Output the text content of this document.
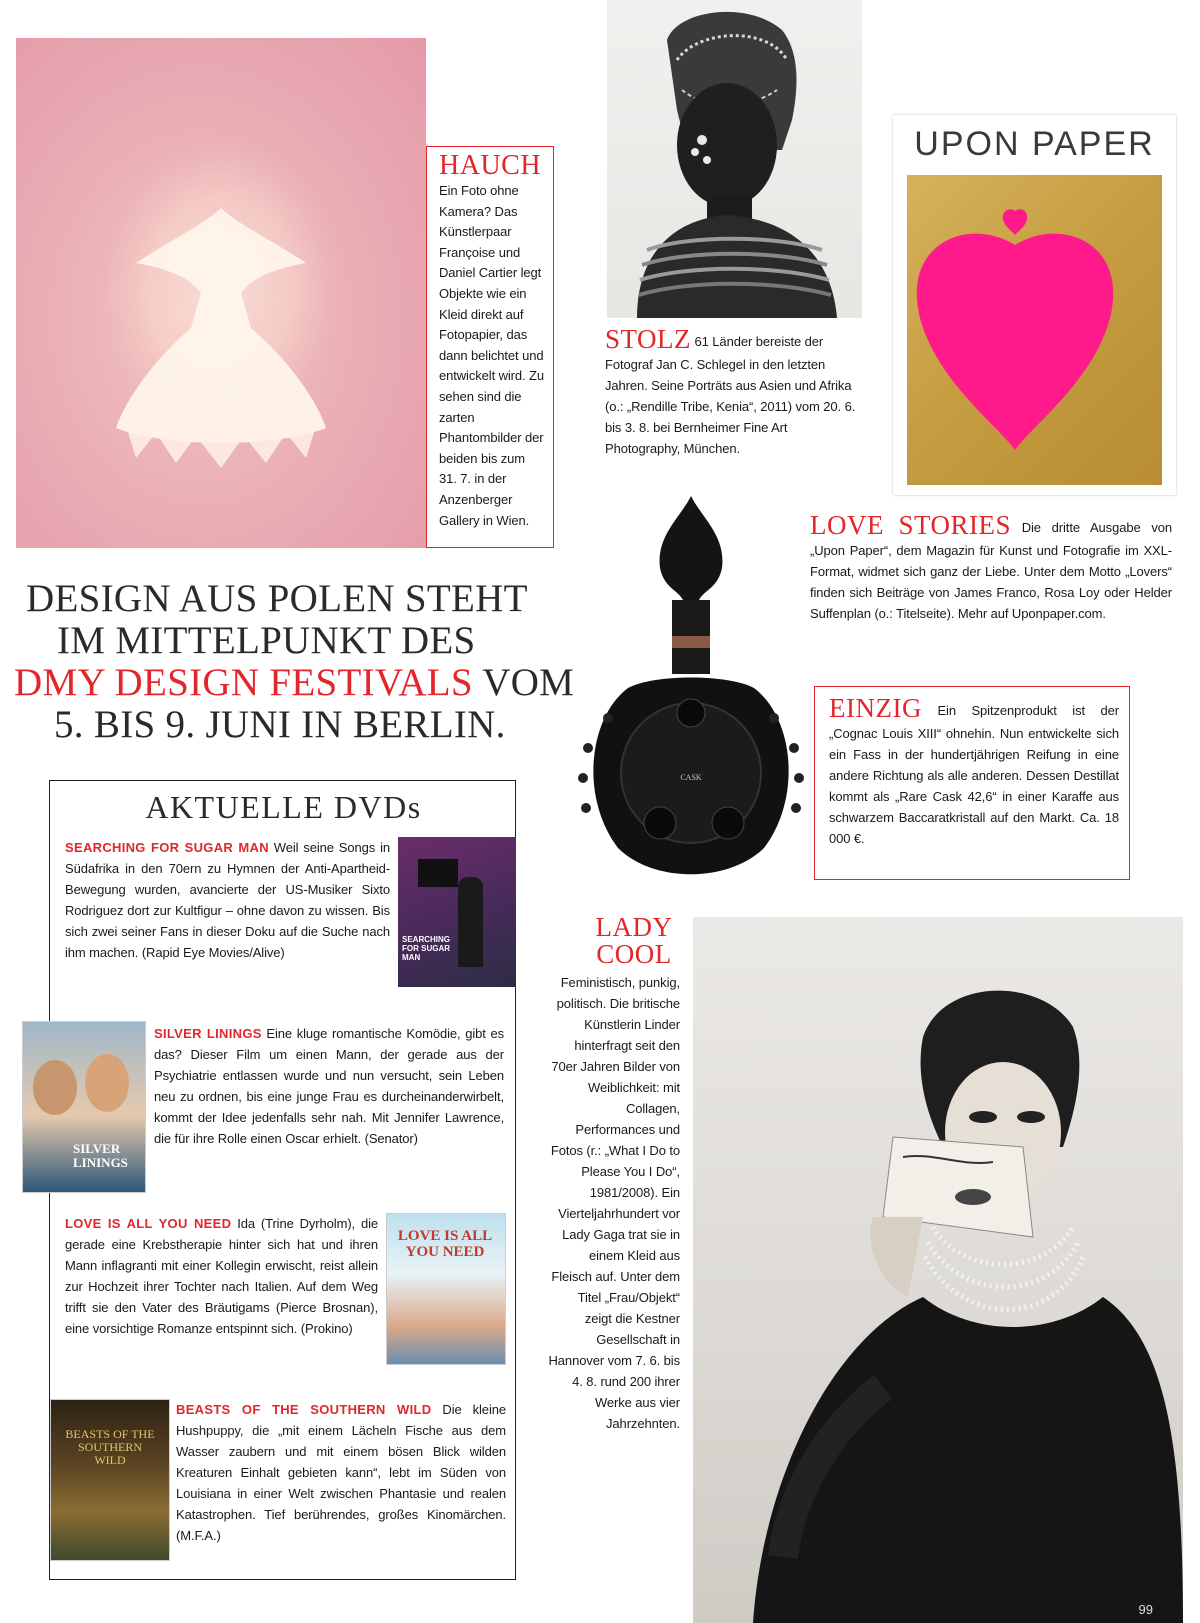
HAUCH
Ein Foto ohne Kamera? Das Künstlerpaar Françoise und Daniel Cartier legt Objekte wie ein Kleid direkt auf Fotopapier, das dann belichtet und entwickelt wird. Zu sehen sind die zarten Phantombilder der beiden bis zum 31. 7. in der Anzenberger Gallery in Wien.
STOLZ 61 Länder bereiste der Fotograf Jan C. Schlegel in den letzten Jahren. Seine Porträts aus Asien und Afrika (o.: „Rendille Tribe, Kenia“, 2011) vom 20. 6. bis 3. 8. bei Bernheimer Fine Art Photography, München.
UPON PAPER
LOVE STORIES Die dritte Ausgabe von „Upon Paper“, dem Magazin für Kunst und Fotografie im XXL-Format, widmet sich ganz der Liebe. Unter dem Motto „Lovers“ finden sich Beiträge von James Franco, Rosa Loy oder Helder Suffenplan (o.: Titelseite). Mehr auf Uponpaper.com.
DESIGN AUS POLEN STEHT
IM MITTELPUNKT DES
DMY DESIGN FESTIVALS VOM
5. BIS 9. JUNI IN BERLIN.
CASK
EINZIG Ein Spitzenprodukt ist der „Cognac Louis XIII“ ohnehin. Nun entwickelte sich ein Fass in der hundertjährigen Reifung in eine andere Richtung als alle anderen. Dessen Destillat kommt als „Rare Cask 42,6“ in einer Karaffe aus schwarzem Baccaratkristall auf den Markt. Ca. 18 000 €.
AKTUELLE DVDs
SEARCHING FOR SUGAR MAN Weil seine Songs in Südafrika in den 70ern zu Hymnen der Anti-Apartheid-Bewegung wurden, avancierte der US-Musiker Sixto Rodriguez dort zur Kultfigur – ohne davon zu wissen. Bis sich zwei seiner Fans in dieser Doku auf die Suche nach ihm machen. (Rapid Eye Movies/Alive)
SEARCHING FOR SUGAR MAN
SILVER LININGS
SILVER LININGS Eine kluge romantische Komödie, gibt es das? Dieser Film um einen Mann, der gerade aus der Psychiatrie entlassen wurde und nun versucht, sein Leben neu zu ordnen, bis eine junge Frau es durcheinanderwirbelt, kommt der Idee jedenfalls sehr nah. Mit Jennifer Lawrence, die für ihre Rolle einen Oscar erhielt. (Senator)
LOVE IS ALL YOU NEED Ida (Trine Dyrholm), die gerade eine Krebstherapie hinter sich hat und ihren Mann inflagranti mit einer Kollegin erwischt, reist allein zur Hochzeit ihrer Tochter nach Italien. Auf dem Weg trifft sie den Vater des Bräutigams (Pierce Brosnan), eine vorsichtige Romanze entspinnt sich. (Prokino)
LOVE IS ALL YOU NEED
BEASTS OF THE SOUTHERN WILD
BEASTS OF THE SOUTHERN WILD Die kleine Hushpuppy, die „mit einem Lächeln Fische aus dem Wasser zaubern und mit einem bösen Blick wilden Kreaturen Einhalt gebieten kann“, lebt im Süden von Louisiana in einer Welt zwischen Phantasie und realen Katastrophen. Tief berührendes, großes Kinomärchen. (M.F.A.)
LADY
COOL
Feministisch, punkig, politisch. Die britische Künstlerin Linder hinterfragt seit den 70er Jahren Bilder von Weiblichkeit: mit Collagen, Performances und Fotos (r.: „What I Do to Please You I Do“, 1981/2008). Ein Vierteljahrhundert vor Lady Gaga trat sie in einem Kleid aus Fleisch auf. Unter dem Titel „Frau/Objekt“ zeigt die Kestner Gesellschaft in Hannover vom 7. 6. bis 4. 8. rund 200 ihrer Werke aus vier Jahrzehnten.
99
